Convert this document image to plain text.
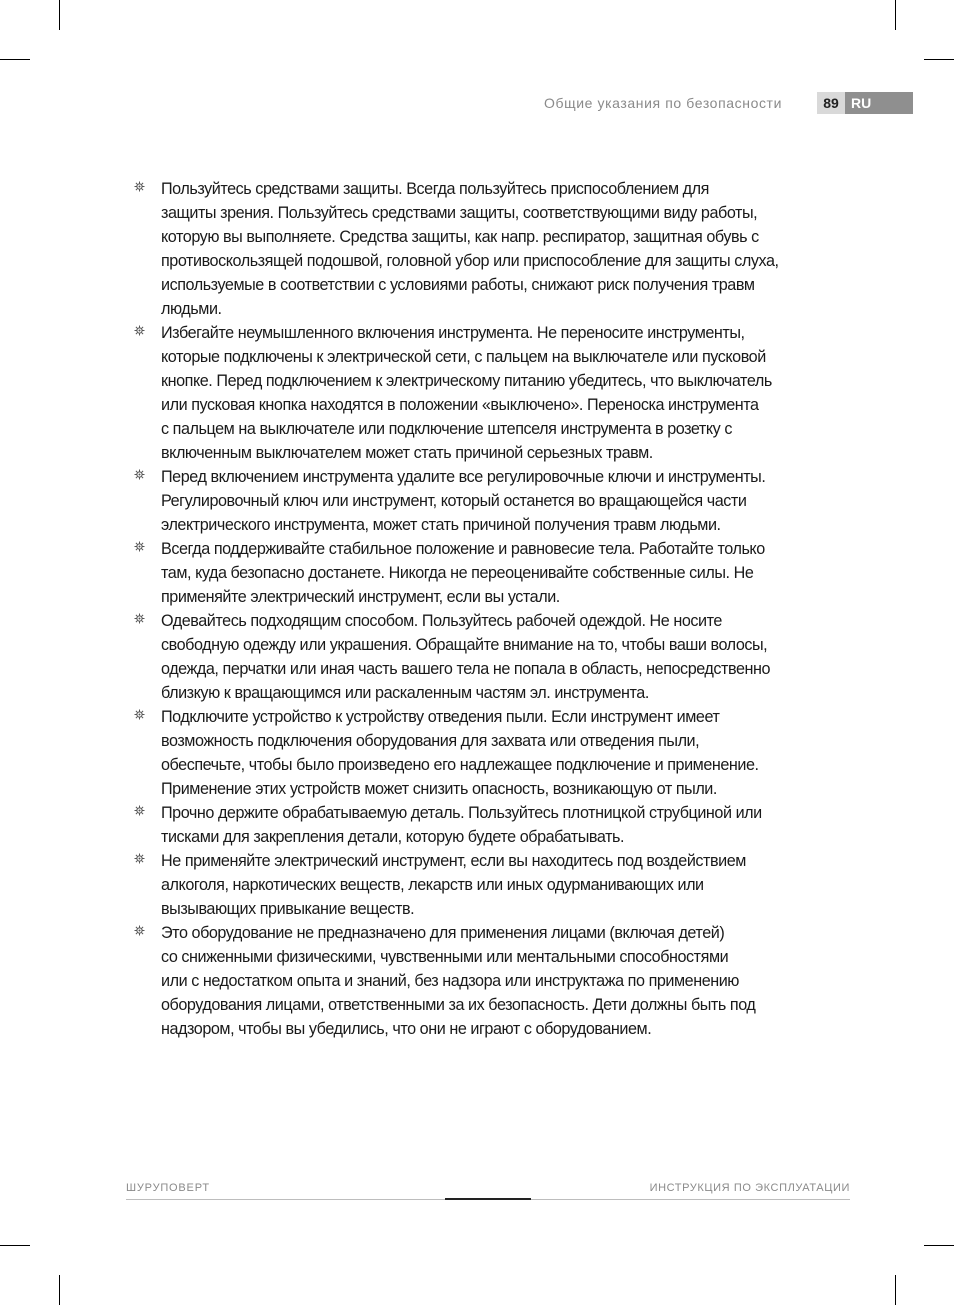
Общие указания по безопасности	89 RU
Пользуйтесь средствами защиты. Всегда пользуйтесь приспособлением для
защиты зрения. Пользуйтесь средствами защиты, соответствующими виду работы,
которую вы выполняете. Средства защиты, как напр. респиратор, защитная обувь с
противоскользящей подошвой, головной убор или приспособление для защиты слуха,
используемые в соответствии с условиями работы, снижают риск получения травм
людьми.
Избегайте неумышленного включения инструмента. Не переносите инструменты,
которые подключены к электрической сети, с пальцем на выключателе или пусковой
кнопке. Перед подключением к электрическому питанию убедитесь, что выключатель
или пусковая кнопка находятся в положении «выключено». Переноска инструмента
с пальцем на выключателе или подключение штепселя инструмента в розетку с
включенным выключателем может стать причиной серьезных травм.
Перед включением инструмента удалите все регулировочные ключи и инструменты.
Регулировочный ключ или инструмент, который останется во вращающейся части
электрического инструмента, может стать причиной получения травм людьми.
Всегда поддерживайте стабильное положение и равновесие тела. Работайте только
там, куда безопасно достанете. Никогда не переоценивайте собственные силы. Не
применяйте электрический инструмент, если вы устали.
Одевайтесь подходящим способом. Пользуйтесь рабочей одеждой. Не носите
свободную одежду или украшения. Обращайте внимание на то, чтобы ваши волосы,
одежда, перчатки или иная часть вашего тела не попала в область, непосредственно
близкую к вращающимся или раскаленным частям эл. инструмента.
Подключите устройство к устройству отведения пыли. Если инструмент имеет
возможность подключения оборудования для захвата или отведения пыли,
обеспечьте, чтобы было произведено его надлежащее подключение и применение.
Применение этих устройств может снизить опасность, возникающую от пыли.
Прочно держите обрабатываемую деталь. Пользуйтесь плотницкой струбциной или
тисками для закрепления детали, которую будете обрабатывать.
Не применяйте электрический инструмент, если вы находитесь под воздействием
алкоголя, наркотических веществ, лекарств или иных одурманивающих или
вызывающих привыкание веществ.
Это оборудование не предназначено для применения лицами (включая детей)
со сниженными физическими, чувственными или ментальными способностями
или с недостатком опыта и знаний, без надзора или инструктажа по применению
оборудования лицами, ответственными за их безопасность. Дети должны быть под
надзором, чтобы вы убедились, что они не играют с оборудованием.
ШУРУПОВЕРТ	ИНСТРУКЦИЯ ПО ЭКСПЛУАТАЦИИ
